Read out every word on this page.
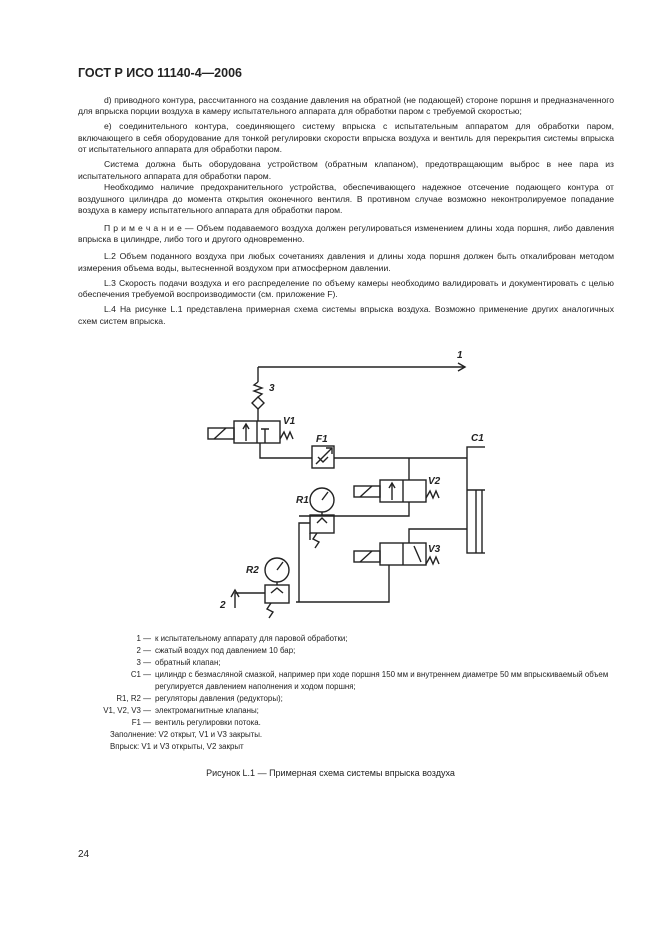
ГОСТ Р ИСО 11140-4—2006

d) приводного контура, рассчитанного на создание давления на обратной (не подающей) стороне поршня и предназначенного для впрыска порции воздуха в камеру испытательного аппарата для обработки паром с требуемой скоростью;

e) соединительного контура, соединяющего систему впрыска с испытательным аппаратом для обработки паром, включающего в себя оборудование для тонкой регулировки скорости впрыска воздуха и вентиль для перекрытия системы впрыска от испытательного аппарата для обработки паром.

Система должна быть оборудована устройством (обратным клапаном), предотвращающим выброс в нее пара из испытательного аппарата для обработки паром.

Необходимо наличие предохранительного устройства, обеспечивающего надежное отсечение подающего контура от воздушного цилиндра до момента открытия оконечного вентиля. В противном случае возможно неконтролируемое попадание воздуха в камеру испытательного аппарата для обработки паром.

П р и м е ч а н и е — Объем подаваемого воздуха должен регулироваться изменением длины хода поршня, либо давления впрыска в цилиндре, либо того и другого одновременно.

L.2 Объем поданного воздуха при любых сочетаниях давления и длины хода поршня должен быть откалиброван методом измерения объема воды, вытесненной воздухом при атмосферном давлении.

L.3 Скорость подачи воздуха и его распределение по объему камеры необходимо валидировать и документировать с целью обеспечения требуемой воспроизводимости (см. приложение F).

L.4 На рисунке L.1 представлена примерная схема системы впрыска воздуха. Возможно применение других аналогичных схем систем впрыска.

1
3
V1
F1	C1
V2
R1
V3
R2
2
1 — к испытательному аппарату для паровой обработки;
2 — сжатый воздух под давлением 10 бар;
3 — обратный клапан;
C1 — цилиндр с безмасляной смазкой, например при ходе поршня 150 мм и внутреннем диаметре 50 мм впрыскиваемый объем регулируется давлением наполнения и ходом поршня;
R1, R2 — регуляторы давления (редукторы);
V1, V2, V3 — электромагнитные клапаны;
F1 — вентиль регулировки потока.
Заполнение: V2 открыт, V1 и V3 закрыты.
Впрыск: V1 и V3 открыты, V2 закрыт
Рисунок L.1 — Примерная схема системы впрыска воздуха
24
